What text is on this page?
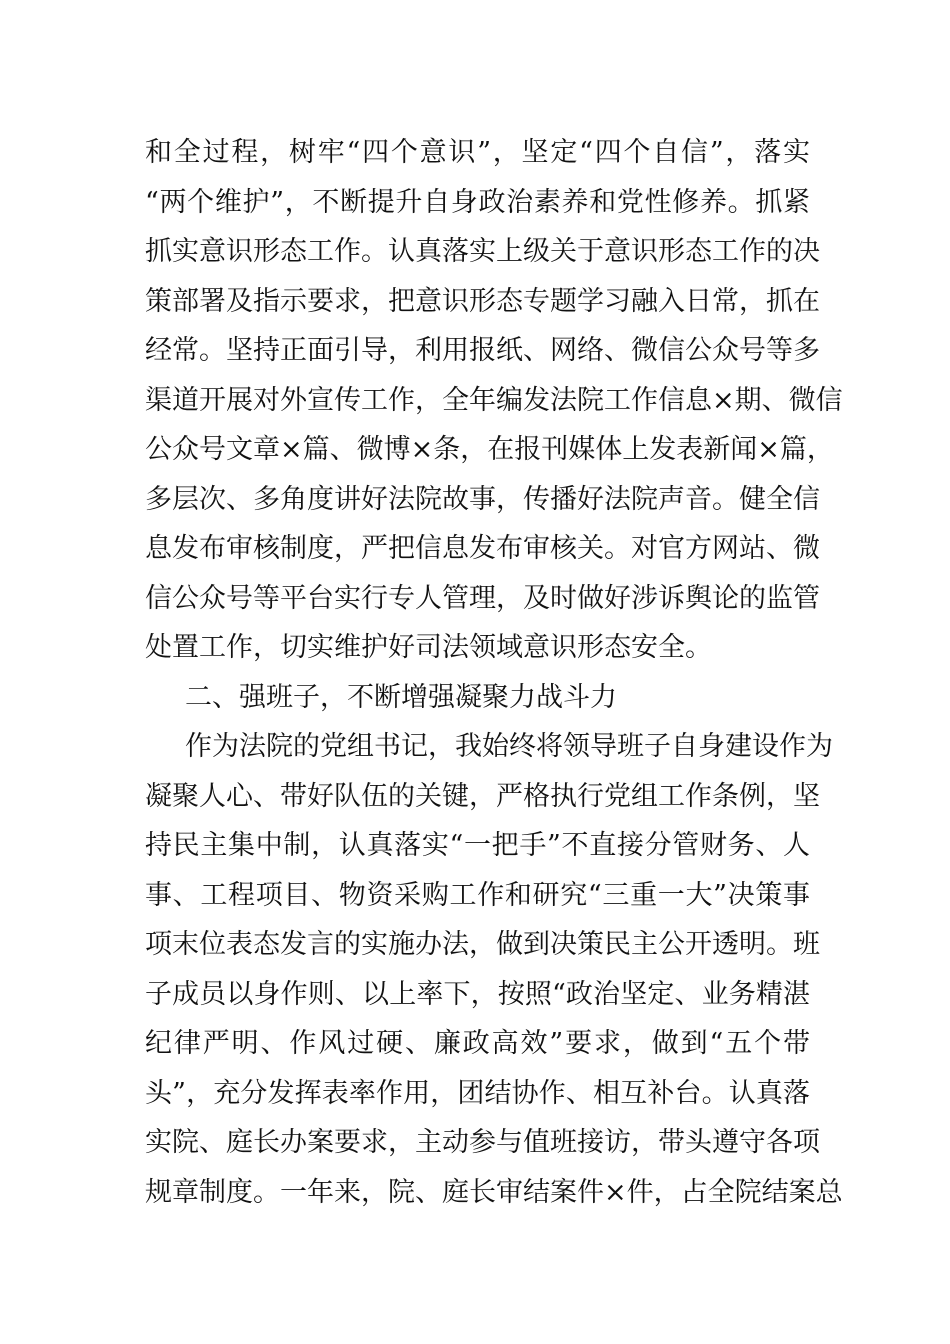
和全过程，树牢“四个意识”，坚定“四个自信”，落实
“两个维护”，不断提升自身政治素养和党性修养。抓紧
抓实意识形态工作。认真落实上级关于意识形态工作的决
策部署及指示要求，把意识形态专题学习融入日常，抓在
经常。坚持正面引导，利用报纸、网络、微信公众号等多
渠道开展对外宣传工作，全年编发法院工作信息×期、微信
公众号文章×篇、微博×条，在报刊媒体上发表新闻×篇，
多层次、多角度讲好法院故事，传播好法院声音。健全信
息发布审核制度，严把信息发布审核关。对官方网站、微
信公众号等平台实行专人管理，及时做好涉诉舆论的监管
处置工作，切实维护好司法领域意识形态安全。
二、强班子，不断增强凝聚力战斗力
作为法院的党组书记，我始终将领导班子自身建设作为
凝聚人心、带好队伍的关键，严格执行党组工作条例，坚
持民主集中制，认真落实“一把手”不直接分管财务、人
事、工程项目、物资采购工作和研究“三重一大”决策事
项末位表态发言的实施办法，做到决策民主公开透明。班
子成员以身作则、以上率下，按照“政治坚定、业务精湛
纪律严明、作风过硬、廉政高效”要求，做到“五个带
头”，充分发挥表率作用，团结协作、相互补台。认真落
实院、庭长办案要求，主动参与值班接访，带头遵守各项
规章制度。一年来，院、庭长审结案件×件，占全院结案总
